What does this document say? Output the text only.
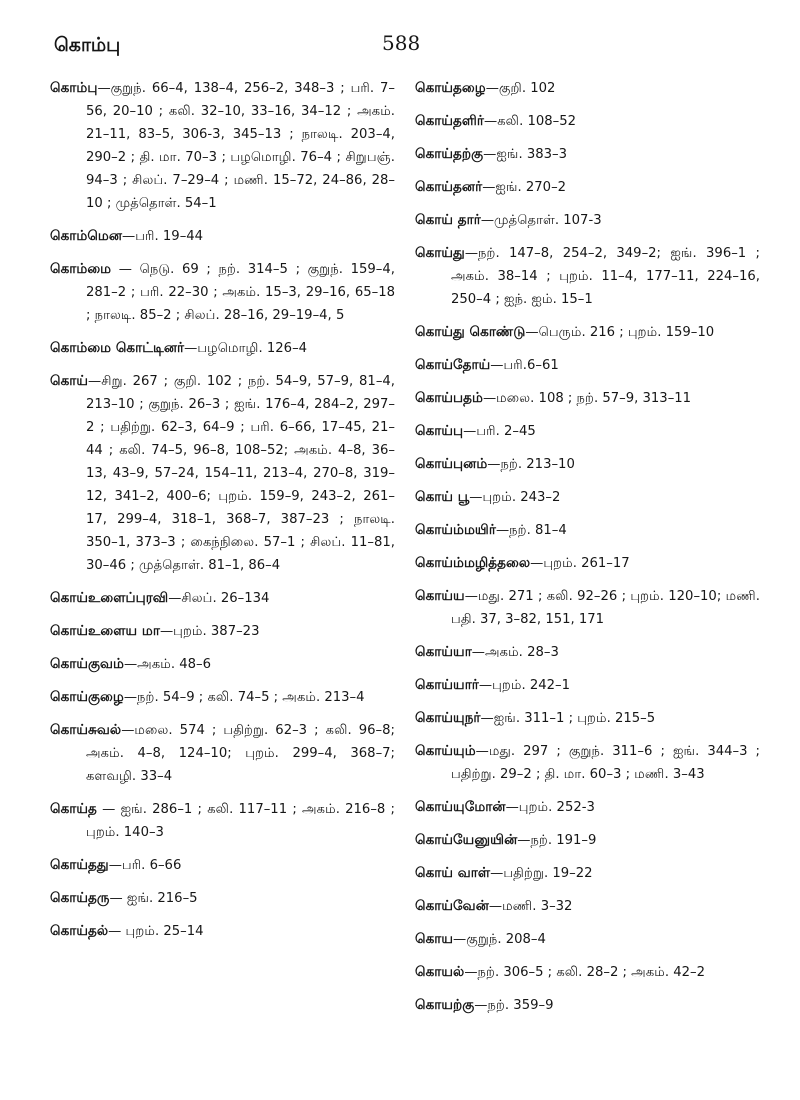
கொம்பு	588

கொம்பு—குறுந். 66–4, 138–4, 256–2, 348–3 ; பரி. 7–56, 20–10 ; கலி. 32–10, 33–16, 34–12 ; அகம். 21–11, 83–5, 306-3, 345–13 ; நாலடி. 203–4, 290–2 ; தி. மா. 70–3 ; பழமொழி. 76–4 ; சிறுபஞ். 94–3 ; சிலப். 7–29–4 ; மணி. 15–72, 24–86, 28–10 ; முத்தொள். 54–1

கொம்மென—பரி. 19–44

கொம்மை — நெடு. 69 ; நற். 314–5 ; குறுந். 159–4, 281–2 ; பரி. 22–30 ; அகம். 15–3, 29–16, 65–18 ; நாலடி. 85–2 ; சிலப். 28–16, 29–19–4, 5

கொம்மை கொட்டினர்—பழமொழி. 126–4

கொய்—சிறு. 267 ; குறி. 102 ; நற். 54–9, 57–9, 81–4, 213–10 ; குறுந். 26–3 ; ஐங். 176–4, 284–2, 297–2 ; பதிற்று. 62–3, 64–9 ; பரி. 6–66, 17–45, 21–44 ; கலி. 74–5, 96–8, 108–52; அகம். 4–8, 36–13, 43–9, 57–24, 154–11, 213–4, 270–8, 319–12, 341–2, 400–6; புறம். 159–9, 243–2, 261–17, 299–4, 318–1, 368–7, 387–23 ; நாலடி. 350–1, 373–3 ; கைந்நிலை. 57–1 ; சிலப். 11–81, 30–46 ; முத்தொள். 81–1, 86–4

கொய்உளைப்புரவி—சிலப். 26–134

கொய்உளைய மா—புறம். 387–23

கொய்குவம்—அகம். 48–6

கொய்குழை—நற். 54–9 ; கலி. 74–5 ; அகம். 213–4

கொய்சுவல்—மலை. 574 ; பதிற்று. 62–3 ; கலி. 96–8; அகம். 4–8, 124–10; புறம். 299–4, 368–7; களவழி. 33–4

கொய்த — ஐங். 286–1 ; கலி. 117–11 ; அகம். 216–8 ; புறம். 140–3

கொய்தது—பரி. 6–66

கொய்தரு— ஐங். 216–5

கொய்தல்— புறம். 25–14

கொய்தழை—குறி. 102

கொய்தளிர்—கலி. 108–52

கொய்தற்கு—ஐங். 383–3

கொய்தனர்—ஐங். 270–2

கொய் தார்—முத்தொள். 107-3

கொய்து—நற். 147–8, 254–2, 349–2; ஐங். 396–1 ; அகம். 38–14 ; புறம். 11–4, 177–11, 224–16, 250–4 ; ஐந். ஐம். 15–1

கொய்து கொண்டு—பெரும். 216 ; புறம். 159–10

கொய்தோய்—பரி.6–61

கொய்பதம்—மலை. 108 ; நற். 57–9, 313–11

கொய்பு—பரி. 2–45

கொய்புனம்—நற். 213–10

கொய் பூ—புறம். 243–2

கொய்ம்மயிர்—நற். 81–4

கொய்ம்மழித்தலை—புறம். 261–17

கொய்ய—மது. 271 ; கலி. 92–26 ; புறம். 120–10; மணி. பதி. 37, 3–82, 151, 171

கொய்யா—அகம். 28–3

கொய்யார்—புறம். 242–1

கொய்யுநர்—ஐங். 311–1 ; புறம். 215–5

கொய்யும்—மது. 297 ; குறுந். 311–6 ; ஐங். 344–3 ; பதிற்று. 29–2 ; தி. மா. 60–3 ; மணி. 3–43

கொய்யுமோன்—புறம். 252-3

கொய்யேனுயின்—நற். 191–9

கொய் வாள்—பதிற்று. 19–22

கொய்வேன்—மணி. 3–32

கொய—குறுந். 208–4

கொயல்—நற். 306–5 ; கலி. 28–2 ; அகம். 42–2

கொயற்கு—நற். 359–9
